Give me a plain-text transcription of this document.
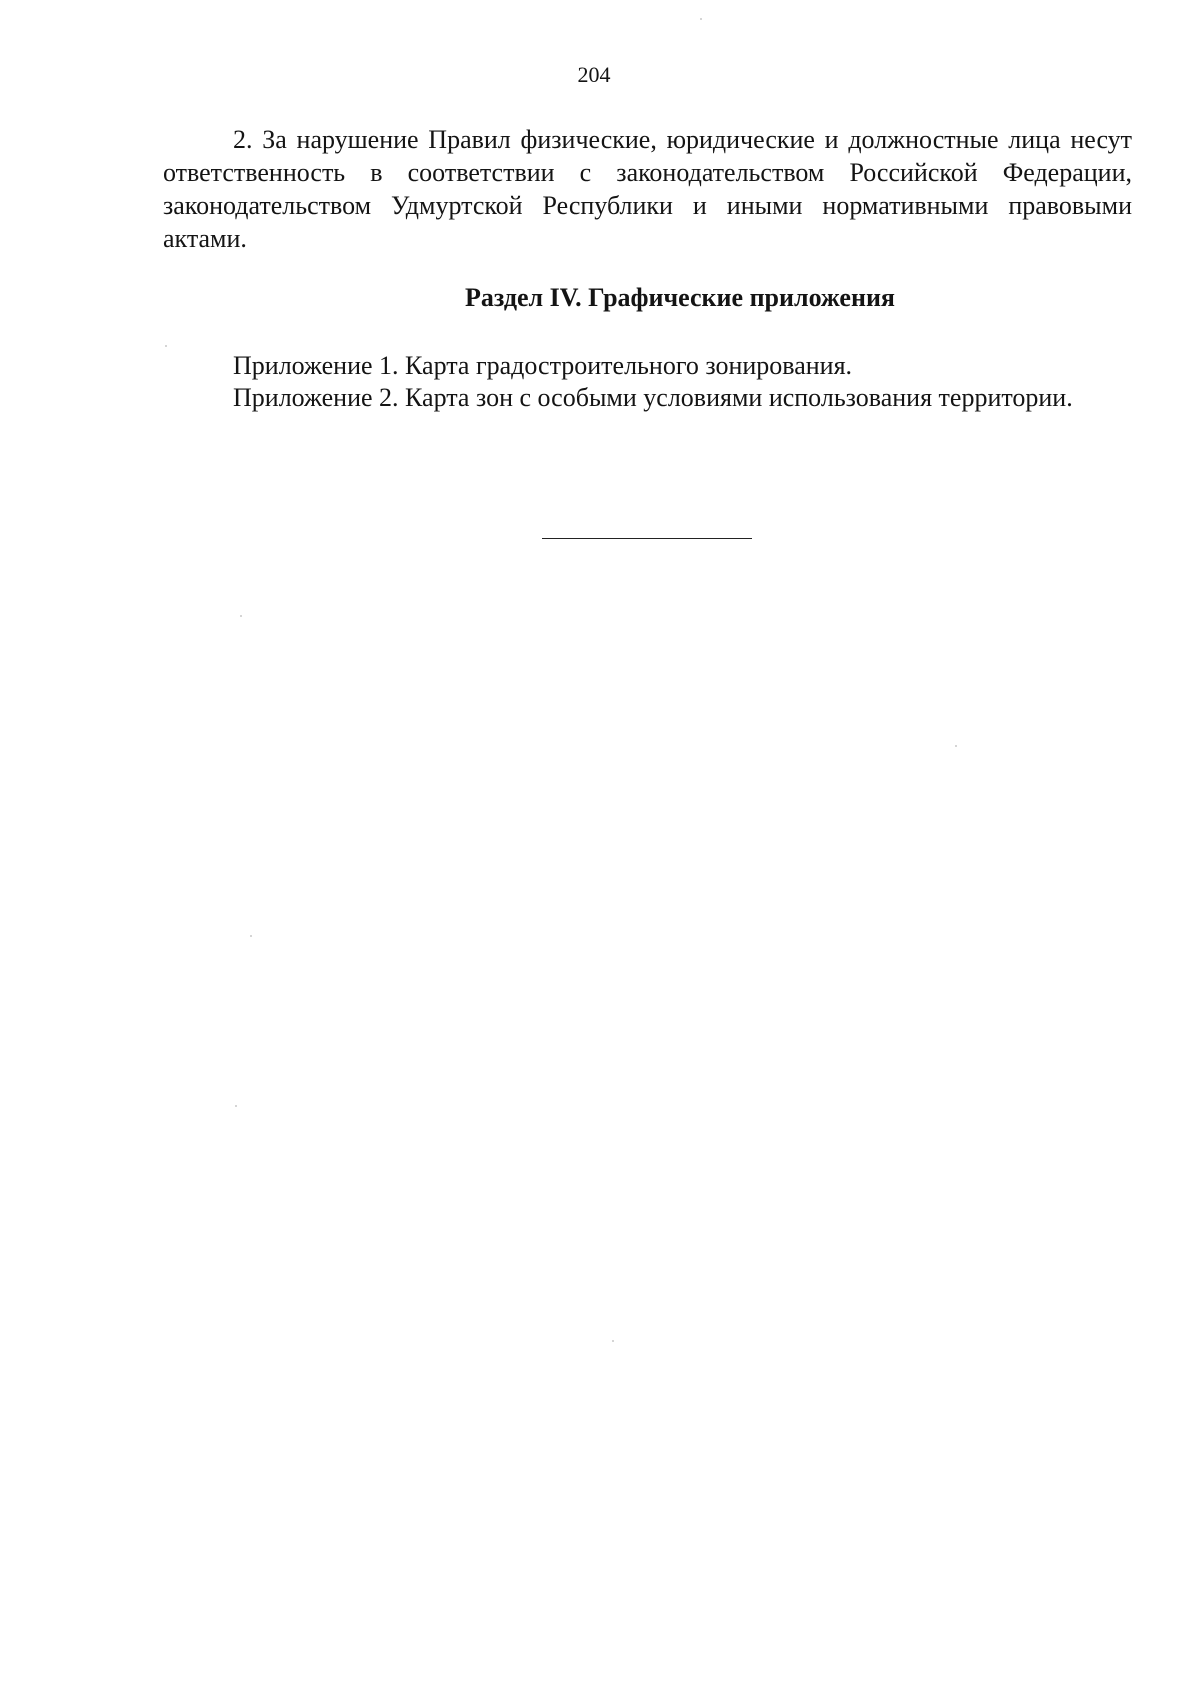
204

2. За нарушение Правил физические, юридические и должностные лица несут ответственность в соответствии с законодательством Российской Федерации, законодательством Удмуртской Республики и иными нормативными правовыми актами.

Раздел IV. Графические приложения
Приложение 1. Карта градостроительного зонирования.
Приложение 2. Карта зон с особыми условиями использования территории.
